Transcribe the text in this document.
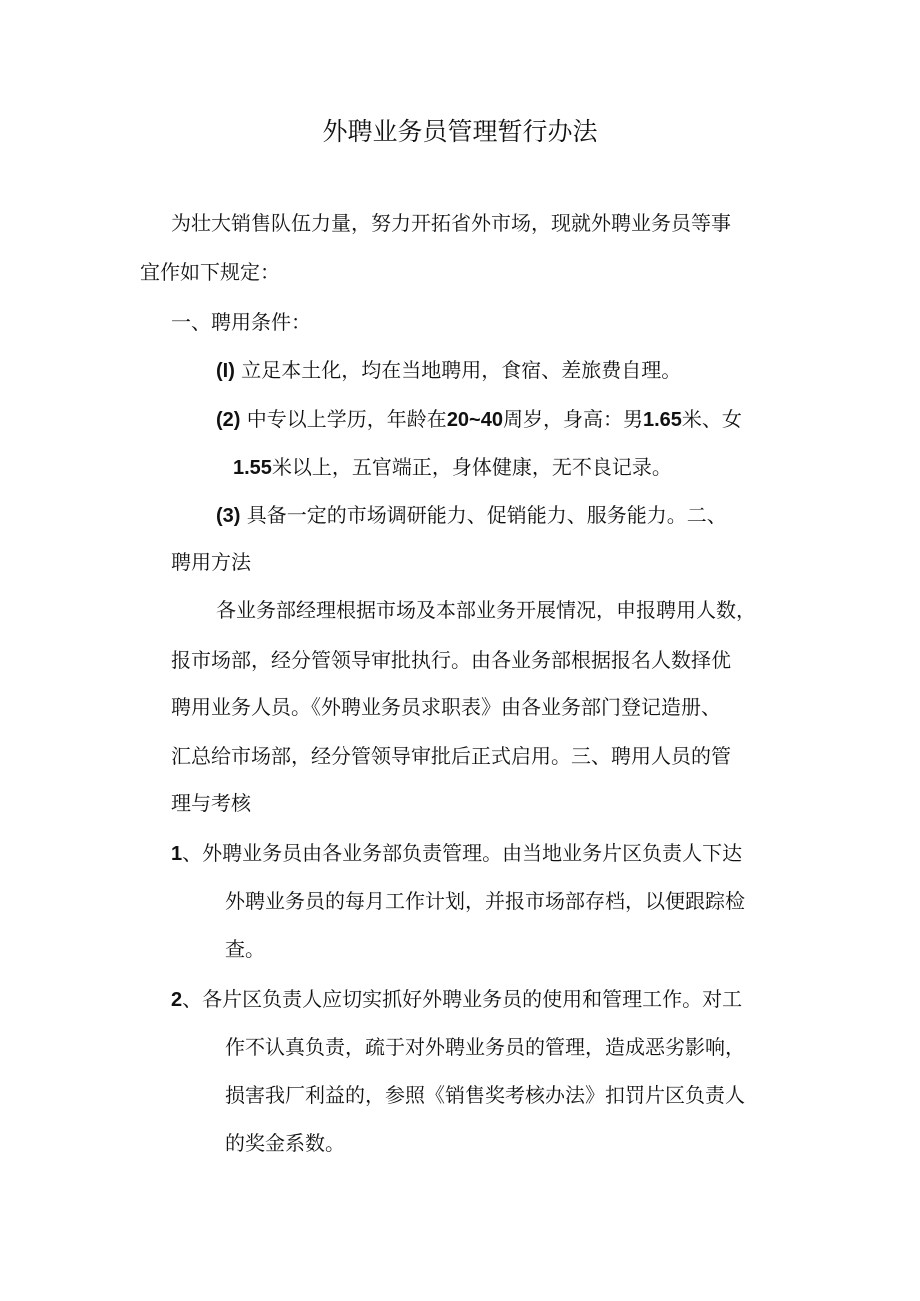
外聘业务员管理暂行办法
为壮大销售队伍力量，努力开拓省外市场，现就外聘业务员等事
宜作如下规定：
一、聘用条件：
(I) 立足本土化，均在当地聘用，食宿、差旅费自理。
(2) 中专以上学历，年龄在20~40周岁，身高：男1.65米、女
1.55米以上，五官端正，身体健康，无不良记录。
(3) 具备一定的市场调研能力、促销能力、服务能力。二、
聘用方法
各业务部经理根据市场及本部业务开展情况，申报聘用人数，
报市场部，经分管领导审批执行。由各业务部根据报名人数择优
聘用业务人员。《外聘业务员求职表》由各业务部门登记造册、
汇总给市场部，经分管领导审批后正式启用。三、聘用人员的管
理与考核
1、外聘业务员由各业务部负责管理。由当地业务片区负责人下达
外聘业务员的每月工作计划，并报市场部存档，以便跟踪检
查。
2、各片区负责人应切实抓好外聘业务员的使用和管理工作。对工
作不认真负责，疏于对外聘业务员的管理，造成恶劣影响，
损害我厂利益的，参照《销售奖考核办法》扣罚片区负责人
的奖金系数。
